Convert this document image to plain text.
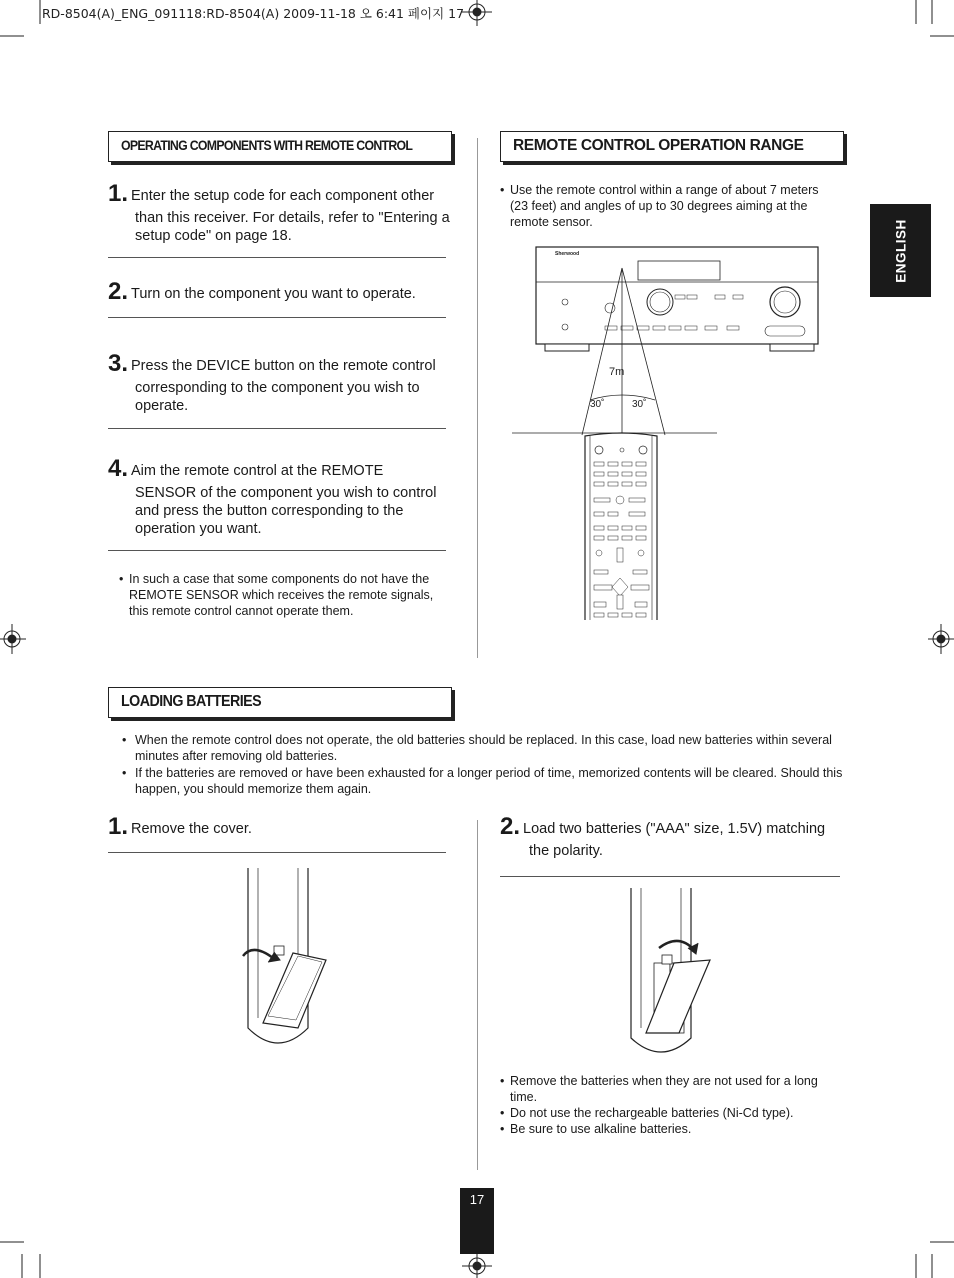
RD-8504(A)_ENG_091118:RD-8504(A) 2009-11-18 오 6:41 페이지 17
ENGLISH
OPERATING COMPONENTS WITH REMOTE CONTROL
1. Enter the setup code for each component other
than this receiver. For details, refer to "Entering a setup code" on page 18.
2. Turn on the component you want to operate.
3. Press the DEVICE button on the remote control
corresponding to the component you wish to operate.
4. Aim the remote control at the REMOTE
SENSOR of the component you wish to control and press the button corresponding to the operation you want.
• In such a case that some components do not have the REMOTE SENSOR which receives the remote signals, this remote control cannot operate them.
REMOTE CONTROL OPERATION RANGE
• Use the remote control within a range of about 7 meters (23 feet) and angles of up to 30 degrees aiming at the remote sensor.
Sherwood
7m
30˚	30˚
LOADING BATTERIES
• When the remote control does not operate, the old batteries should be replaced. In this case, load new batteries within several minutes after removing old batteries.
• If the batteries are removed or have been exhausted for a longer period of time, memorized contents will be cleared. Should this happen, you should memorize them again.
1. Remove the cover.	2. Load two batteries ("AAA" size, 1.5V) matching
the polarity.
• Remove the batteries when they are not used for a long time.
• Do not use the rechargeable batteries (Ni-Cd type).
• Be sure to use alkaline batteries.
17
